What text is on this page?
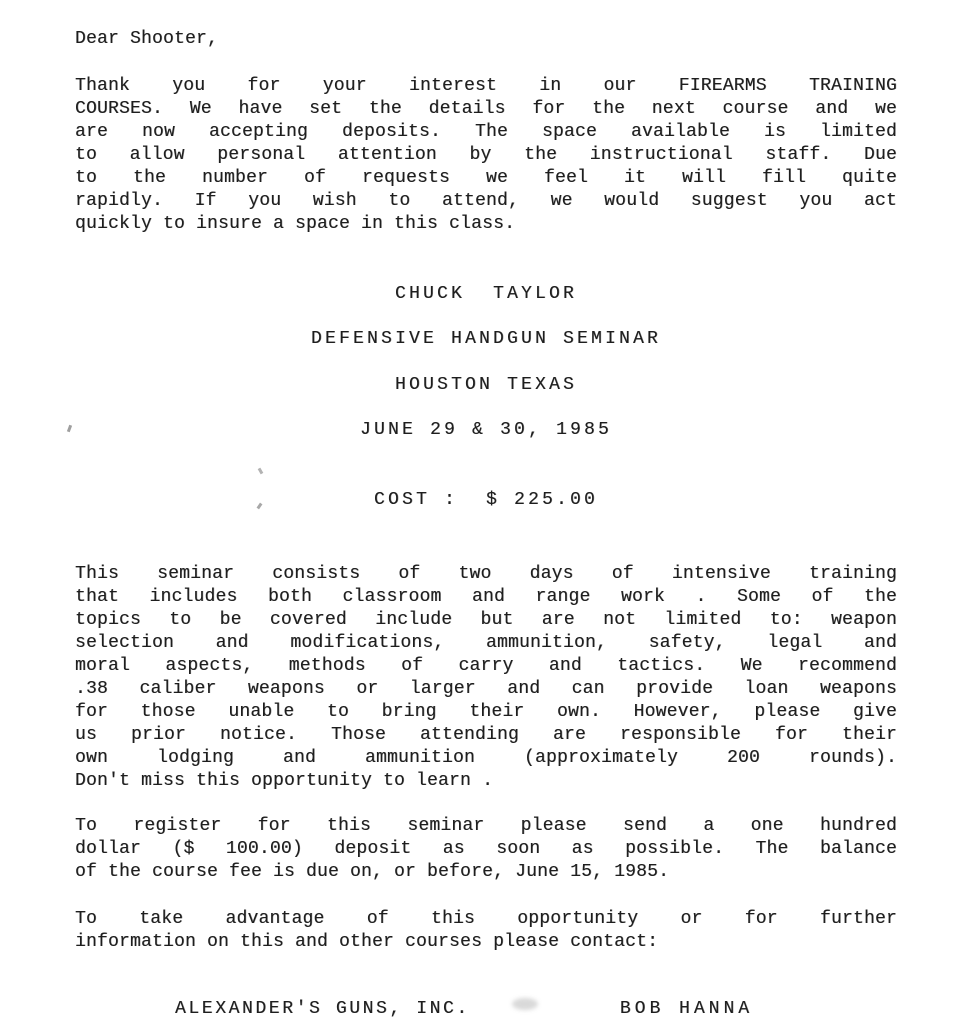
Dear Shooter,
Thank you for your interest in our FIREARMS TRAINING
COURSES. We have set the details for the next course and we
are now accepting deposits. The space available is limited
to allow personal attention by the instructional staff. Due
to the number of requests we feel it will fill quite
rapidly. If you wish to attend, we would suggest you act
quickly to insure a space in this class.
CHUCK  TAYLOR
DEFENSIVE HANDGUN SEMINAR
HOUSTON TEXAS
JUNE 29 & 30, 1985
COST :  $ 225.00
This seminar consists of two days of intensive training
that includes both classroom and range work . Some of the
topics to be covered include but are not limited to: weapon
selection and modifications, ammunition, safety, legal and
moral aspects, methods of carry and tactics. We recommend
.38 caliber weapons or larger and can provide loan weapons
for those unable to bring their own. However, please give
us prior notice. Those attending are responsible for their
own lodging and ammunition (approximately 200 rounds).
Don't miss this opportunity to learn .
To register for this seminar please send a one hundred
dollar ($ 100.00) deposit as soon as possible. The balance
of the course fee is due on, or before, June 15, 1985.
To take advantage of this opportunity or for further
information on this and other courses please contact:
ALEXANDER'S GUNS, INC.	BOB HANNA
